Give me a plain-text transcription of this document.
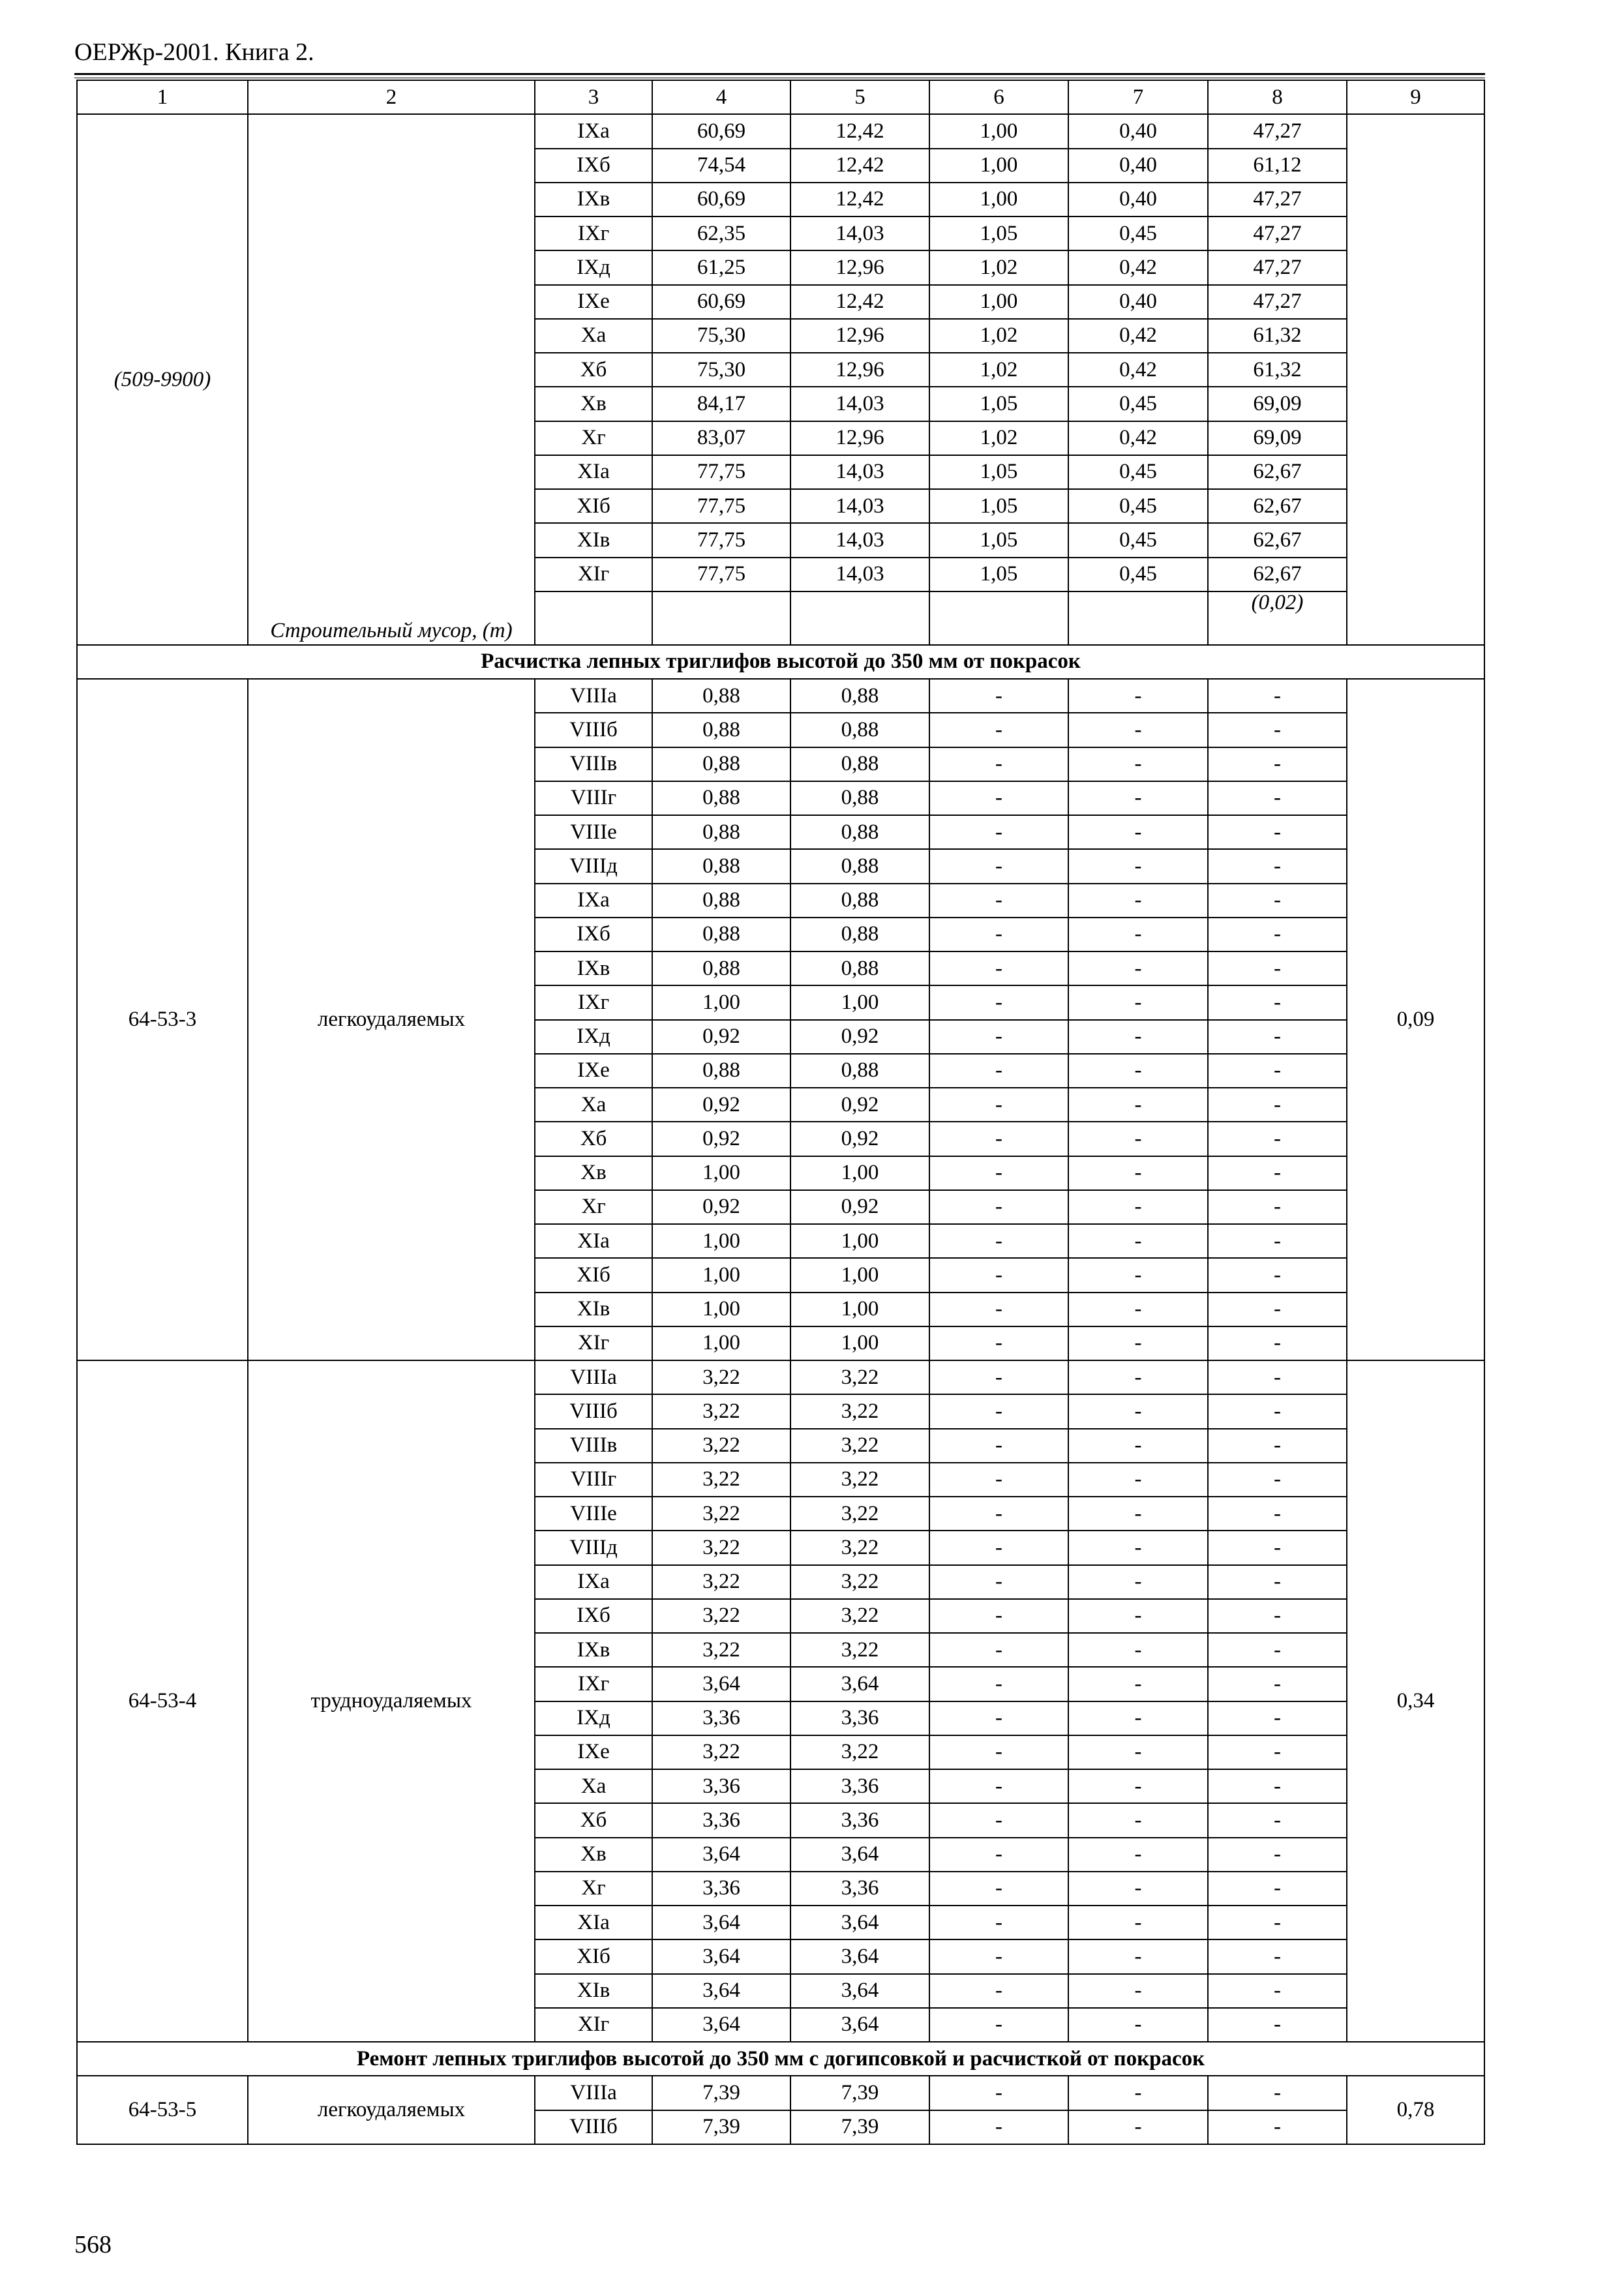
ОЕРЖр-2001. Книга 2.
1	2	3	4	5	6	7	8	9
(509-9900)	Строительный мусор, (т)	IXа	60,69	12,42	1,00	0,40	47,27	
		IXб	74,54	12,42	1,00	0,40	61,12	
		IXв	60,69	12,42	1,00	0,40	47,27	
		IXг	62,35	14,03	1,05	0,45	47,27	
		IXд	61,25	12,96	1,02	0,42	47,27	
		IXе	60,69	12,42	1,00	0,40	47,27	
		Xа	75,30	12,96	1,02	0,42	61,32	
		Xб	75,30	12,96	1,02	0,42	61,32	
		Xв	84,17	14,03	1,05	0,45	69,09	
		Xг	83,07	12,96	1,02	0,42	69,09	
		XIа	77,75	14,03	1,05	0,45	62,67	
		XIб	77,75	14,03	1,05	0,45	62,67	
		XIв	77,75	14,03	1,05	0,45	62,67	
		XIг	77,75	14,03	1,05	0,45	62,67	
							(0,02)	
Расчистка лепных триглифов высотой до 350 мм от покрасок								
64-53-3	легкоудаляемых	VIIIа	0,88	0,88	-	-	-	0,09
		VIIIб	0,88	0,88	-	-	-	
		VIIIв	0,88	0,88	-	-	-	
		VIIIг	0,88	0,88	-	-	-	
		VIIIе	0,88	0,88	-	-	-	
		VIIIд	0,88	0,88	-	-	-	
		IXа	0,88	0,88	-	-	-	
		IXб	0,88	0,88	-	-	-	
		IXв	0,88	0,88	-	-	-	
		IXг	1,00	1,00	-	-	-	
		IXд	0,92	0,92	-	-	-	
		IXе	0,88	0,88	-	-	-	
		Xа	0,92	0,92	-	-	-	
		Xб	0,92	0,92	-	-	-	
		Xв	1,00	1,00	-	-	-	
		Xг	0,92	0,92	-	-	-	
		XIа	1,00	1,00	-	-	-	
		XIб	1,00	1,00	-	-	-	
		XIв	1,00	1,00	-	-	-	
		XIг	1,00	1,00	-	-	-	
64-53-4	трудноудаляемых	VIIIа	3,22	3,22	-	-	-	0,34
		VIIIб	3,22	3,22	-	-	-	
		VIIIв	3,22	3,22	-	-	-	
		VIIIг	3,22	3,22	-	-	-	
		VIIIе	3,22	3,22	-	-	-	
		VIIIд	3,22	3,22	-	-	-	
		IXа	3,22	3,22	-	-	-	
		IXб	3,22	3,22	-	-	-	
		IXв	3,22	3,22	-	-	-	
		IXг	3,64	3,64	-	-	-	
		IXд	3,36	3,36	-	-	-	
		IXе	3,22	3,22	-	-	-	
		Xа	3,36	3,36	-	-	-	
		Xб	3,36	3,36	-	-	-	
		Xв	3,64	3,64	-	-	-	
		Xг	3,36	3,36	-	-	-	
		XIа	3,64	3,64	-	-	-	
		XIб	3,64	3,64	-	-	-	
		XIв	3,64	3,64	-	-	-	
		XIг	3,64	3,64	-	-	-	
Ремонт лепных триглифов высотой до 350 мм с догипсовкой и расчисткой от покрасок								
64-53-5	легкоудаляемых	VIIIа	7,39	7,39	-	-	-	0,78
		VIIIб	7,39	7,39	-	-	-	
568
